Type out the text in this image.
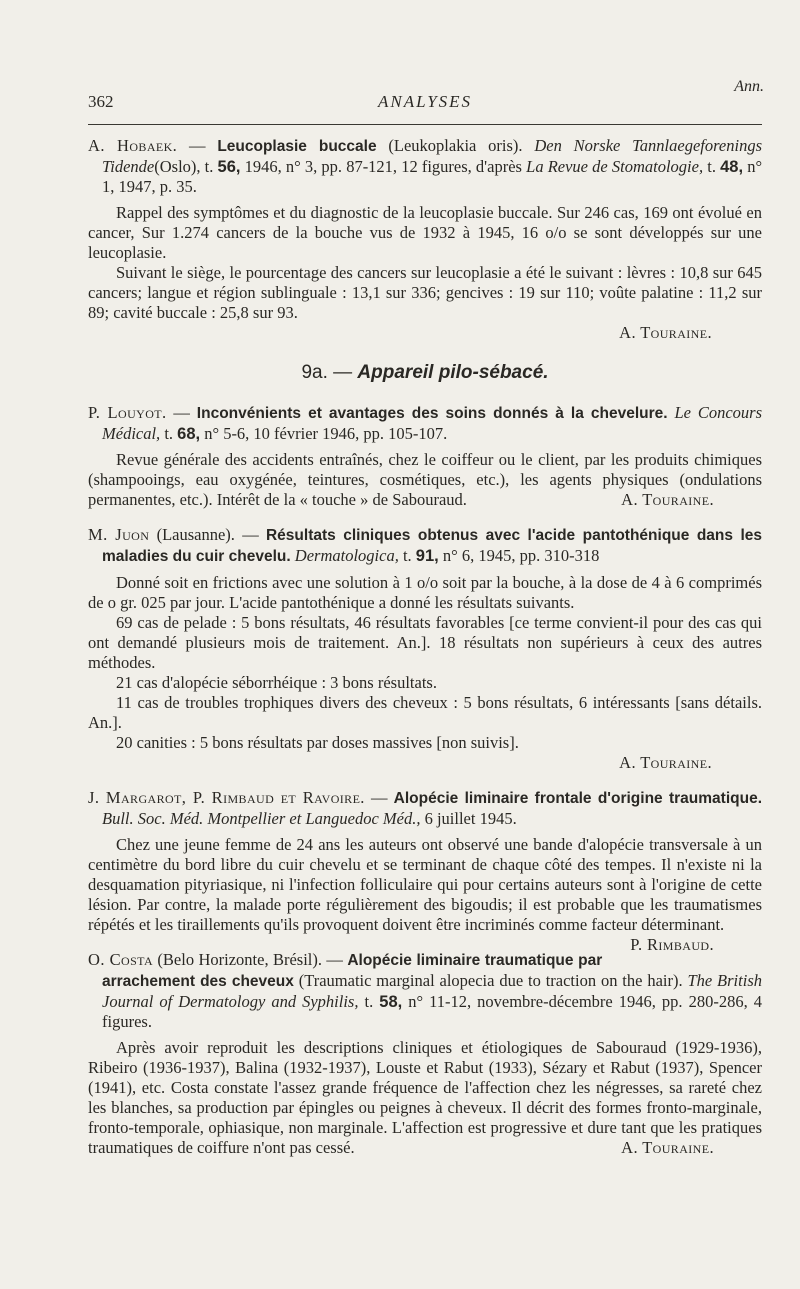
Ann.
362	ANALYSES

A. Hobaek. — Leucoplasie buccale (Leukoplakia oris). Den Norske Tannlaegeforenings Tidende(Oslo), t. 56, 1946, n° 3, pp. 87-121, 12 figures, d'après La Revue de Stomatologie, t. 48, n° 1, 1947, p. 35.

Rappel des symptômes et du diagnostic de la leucoplasie buccale. Sur 246 cas, 169 ont évolué en cancer, Sur 1.274 cancers de la bouche vus de 1932 à 1945, 16 o/o se sont développés sur une leucoplasie.

Suivant le siège, le pourcentage des cancers sur leucoplasie a été le suivant : lèvres : 10,8 sur 645 cancers; langue et région sublinguale : 13,1 sur 336; gencives : 19 sur 110; voûte palatine : 11,2 sur 89; cavité buccale : 25,8 sur 93.

A. Touraine.

9a. — Appareil pilo-sébacé.

P. Louyot. — Inconvénients et avantages des soins donnés à la chevelure. Le Concours Médical, t. 68, n° 5-6, 10 février 1946, pp. 105-107.

Revue générale des accidents entraînés, chez le coiffeur ou le client, par les produits chimiques (shampooings, eau oxygénée, teintures, cosmétiques, etc.), les agents physiques (ondulations permanentes, etc.). Intérêt de la « touche » de Sabouraud.	A. Touraine.

M. Juon (Lausanne). — Résultats cliniques obtenus avec l'acide pantothénique dans les maladies du cuir chevelu. Dermatologica, t. 91, n° 6, 1945, pp. 310-318

Donné soit en frictions avec une solution à 1 o/o soit par la bouche, à la dose de 4 à 6 comprimés de o gr. 025 par jour. L'acide pantothénique a donné les résultats suivants.

69 cas de pelade : 5 bons résultats, 46 résultats favorables [ce terme convient-il pour des cas qui ont demandé plusieurs mois de traitement. An.]. 18 résultats non supérieurs à ceux des autres méthodes.

21 cas d'alopécie séborrhéique : 3 bons résultats.

11 cas de troubles trophiques divers des cheveux : 5 bons résultats, 6 intéressants [sans détails. An.].

20 canities : 5 bons résultats par doses massives [non suivis].

A. Touraine.

J. Margarot, P. Rimbaud et Ravoire. — Alopécie liminaire frontale d'origine traumatique. Bull. Soc. Méd. Montpellier et Languedoc Méd., 6 juillet 1945.

Chez une jeune femme de 24 ans les auteurs ont observé une bande d'alopécie transversale à un centimètre du bord libre du cuir chevelu et se terminant de chaque côté des tempes. Il n'existe ni la desquamation pityriasique, ni l'infection folliculaire qui pour certains auteurs sont à l'origine de cette lésion. Par contre, la malade porte régulièrement des bigoudis; il est probable que les traumatismes répétés et les tiraillements qu'ils provoquent doivent être incriminés comme facteur déterminant.
P. Rimbaud.

O. Costa (Belo Horizonte, Brésil). — Alopécie liminaire traumatique par arrachement des cheveux (Traumatic marginal alopecia due to traction on the hair). The British Journal of Dermatology and Syphilis, t. 58, n° 11-12, novembre-décembre 1946, pp. 280-286, 4 figures.

Après avoir reproduit les descriptions cliniques et étiologiques de Sabouraud (1929-1936), Ribeiro (1936-1937), Balina (1932-1937), Louste et Rabut (1933), Sézary et Rabut (1937), Spencer (1941), etc. Costa constate l'assez grande fréquence de l'affection chez les négresses, sa rareté chez les blanches, sa production par épingles ou peignes à cheveux. Il décrit des formes fronto-marginale, fronto-temporale, ophiasique, non marginale. L'affection est progressive et dure tant que les pratiques traumatiques de coiffure n'ont pas cessé.	A. Touraine.
